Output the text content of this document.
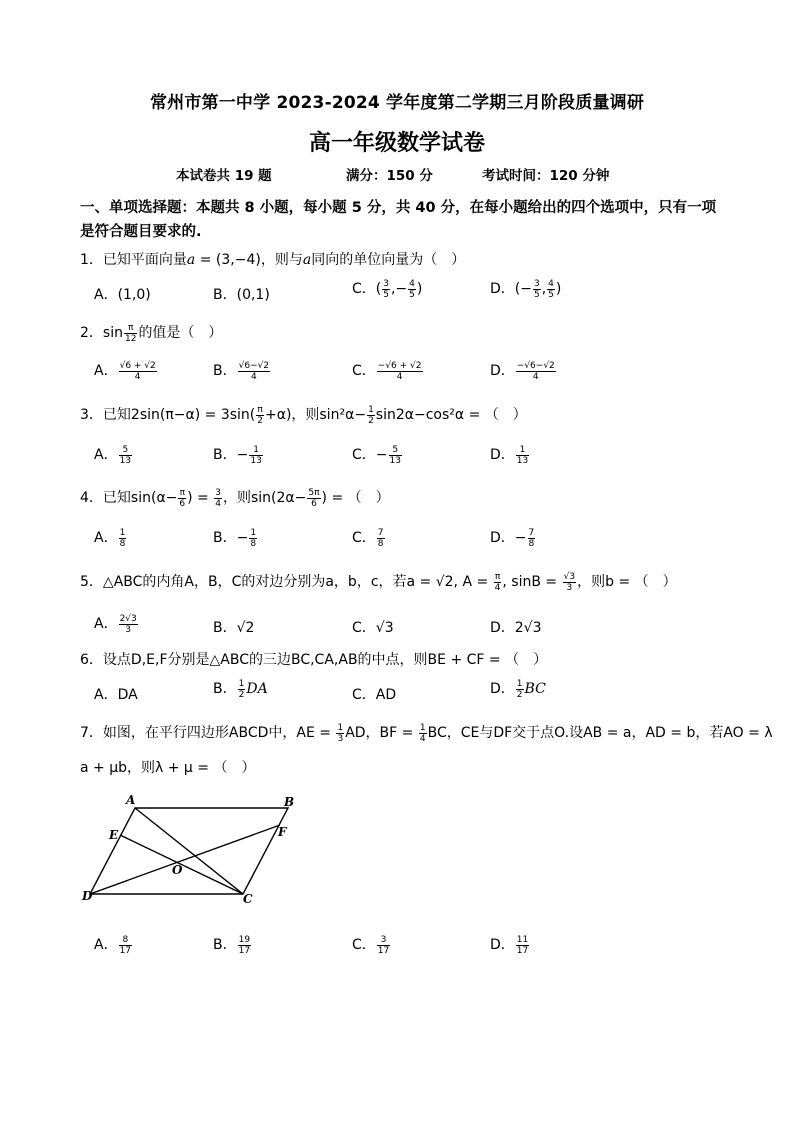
常州市第一中学 2023-2024 学年度第二学期三月阶段质量调研
高一年级数学试卷
本试卷共 19 题	满分：150 分	考试时间：120 分钟
一、单项选择题：本题共 8 小题，每小题 5 分，共 40 分，在每小题给出的四个选项中，只有一项是符合题目要求的.
1．已知平面向量a = (3,−4)，则与a同向的单位向量为（　）
A．(1,0)	B．(0,1)	C．( $\frac{3}{5}$ ,− $\frac{4}{5}$ )	D．(− $\frac{3}{5}$ , $\frac{4}{5}$ )
2．$\sin \frac{\pi}{12}$ 的值是（　）
A． $\frac{√6 + √2}{4}$	B． $\frac{√6-√2}{4}$	C． $\frac{-√6 + √2}{4}$	D． $\frac{-√6-√2}{4}$
3．已知$2\sin(\pi-\alpha) = 3\sin( \frac{\pi}{2} +\alpha)$，则$\sin^2\alpha- \frac{1}{2} \sin 2\alpha-\cos^2\alpha$ = （　）
A． $\frac{5}{13}$	B．− $\frac{1}{13}$	C．− $\frac{5}{13}$	D． $\frac{1}{13}$
4．已知$\sin(\alpha- \frac{\pi}{6}$ ) = $\frac{3}{4}$ ，则$\sin(2\alpha- \frac{5\pi}{6}$ ) = （　）
A． $\frac{1}{8}$	B．− $\frac{1}{8}$	C． $\frac{7}{8}$	D．− $\frac{7}{8}$
5．△ABC的内角A，B，C的对边分别为a，b，c，若a = √2, $A = \frac{\pi}{4}$ , $\sin B = \frac{√3}{3}$ ，则b = （　）
A． $\frac{2√3}{3}$	B．√2	C．√3	D．2√3
6．设点D,E,F分别是△ABC的三边BC,CA,AB的中点，则BE + CF = （　）
A．DA	B． $\frac{1}{2}$ DA	C．AD	D． $\frac{1}{2}$ BC
7．如图，在平行四边形ABCD中，AE = $\frac{1}{3}$ AD，BF = $\frac{1}{4}$ BC，CE与DF交于点O.设AB = a，AD = b，若AO = λ
a + μb，则λ + μ = （　）
A	B
E	F
O
D	C
A． $\frac{8}{17}$	B． $\frac{19}{17}$	C． $\frac{3}{17}$	D． $\frac{11}{17}$
